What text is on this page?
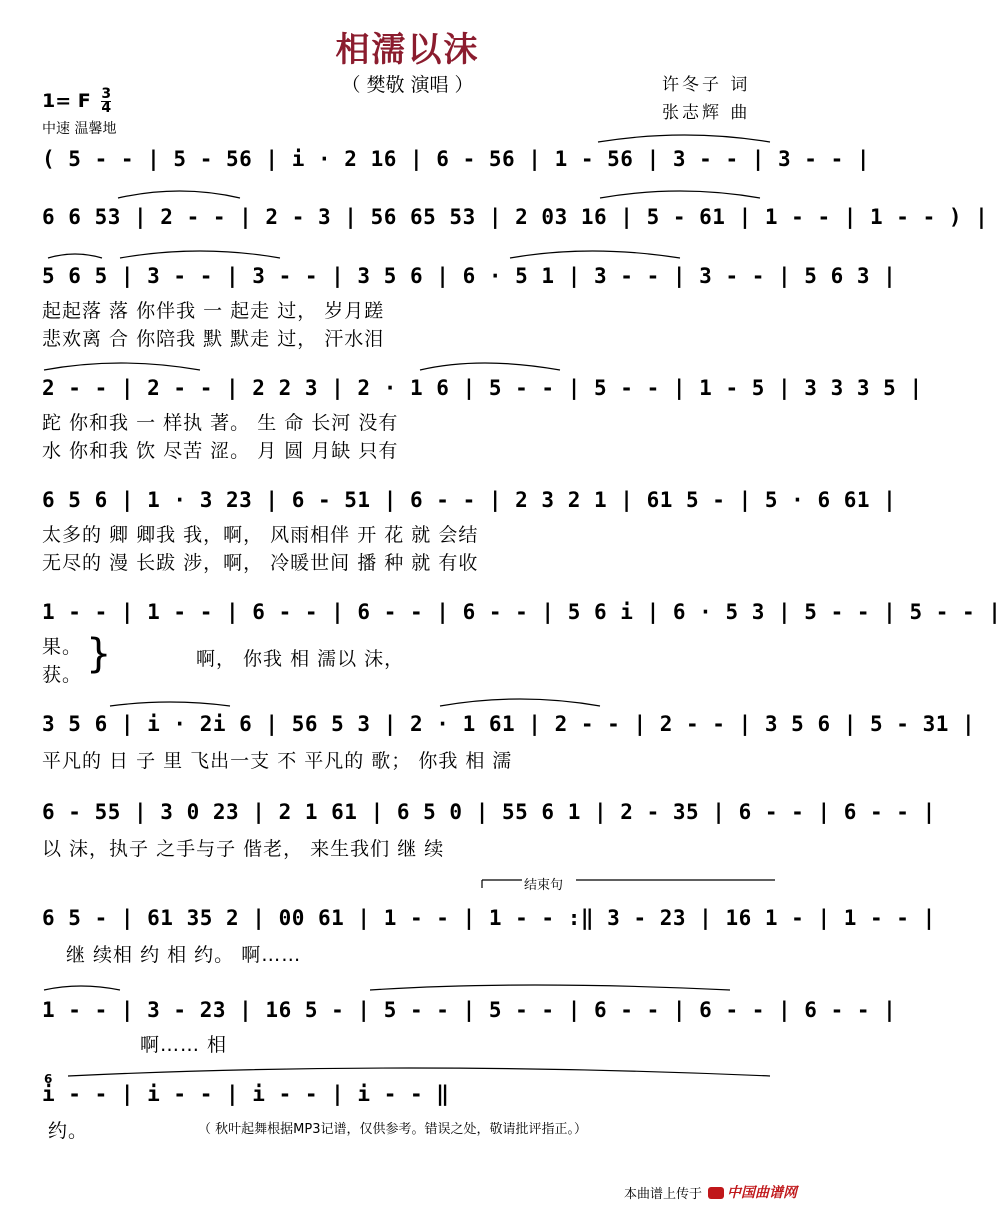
相濡以沫
（ 樊敬 演唱 ）	许冬子 词
张志辉 曲
1= F $\frac{3}{4}$
中速 温馨地
( 5 - - | 5 - 56 | i · 2 16 | 6 - 56 | 1 - 56 | 3 - - | 3 - - |
6 6 53 | 2 - - | 2 - 3 | 56 65 53 | 2 03 16 | 5 - 61 | 1 - - | 1 - - ) |
5 6 5 | 3 - - | 3 - - | 3 5 6 | 6 · 5 1 | 3 - - | 3 - - | 5 6 3 |
起起落 落 你伴我 一 起走 过， 岁月蹉
悲欢离 合 你陪我 默 默走 过， 汗水泪
2 - - | 2 - - | 2 2 3 | 2 · 1 6 | 5 - - | 5 - - | 1 - 5 | 3 3 3 5 |
跎 你和我 一 样执 著。 生 命 长河 没有
水 你和我 饮 尽苦 涩。 月 圆 月缺 只有
6 5 6 | 1 · 3 23 | 6 - 51 | 6 - - | 2 3 2 1 | 61 5 - | 5 · 6 61 |
太多的 卿 卿我 我，啊， 风雨相伴 开 花 就 会结
无尽的 漫 长跋 涉，啊， 冷暖世间 播 种 就 有收
1 - - | 1 - - | 6 - - | 6 - - | 6 - - | 5 6 i | 6 · 5 3 | 5 - - | 5 - - |
果。
获。 }	啊， 你我 相 濡以 沫，
3 5 6 | i · 2i 6 | 56 5 3 | 2 · 1 61 | 2 - - | 2 - - | 3 5 6 | 5 - 31 |
平凡的 日 子 里 飞出一支 不 平凡的 歌； 你我 相 濡
6 - 55 | 3 0 23 | 2 1 61 | 6 5 0 | 55 6 1 | 2 - 35 | 6 - - | 6 - - |
以 沫，执子 之手与子 偕老， 来生我们 继 续
结束句
6 5 - | 61 35 2 | 00 61 | 1 - - | 1 - - :‖ 3 - 23 | 16 1 - | 1 - - |
继 续相 约 相 约。 啊……
1 - - | 3 - 23 | 16 5 - | 5 - - | 5 - - | 6 - - | 6 - - | 6 - - |
啊…… 相
6
i - - | i - - | i - - | i - - ‖
约。	（ 秋叶起舞根据MP3记谱，仅供参考。错误之处，敬请批评指正。）
本曲谱上传于	中国曲谱网
